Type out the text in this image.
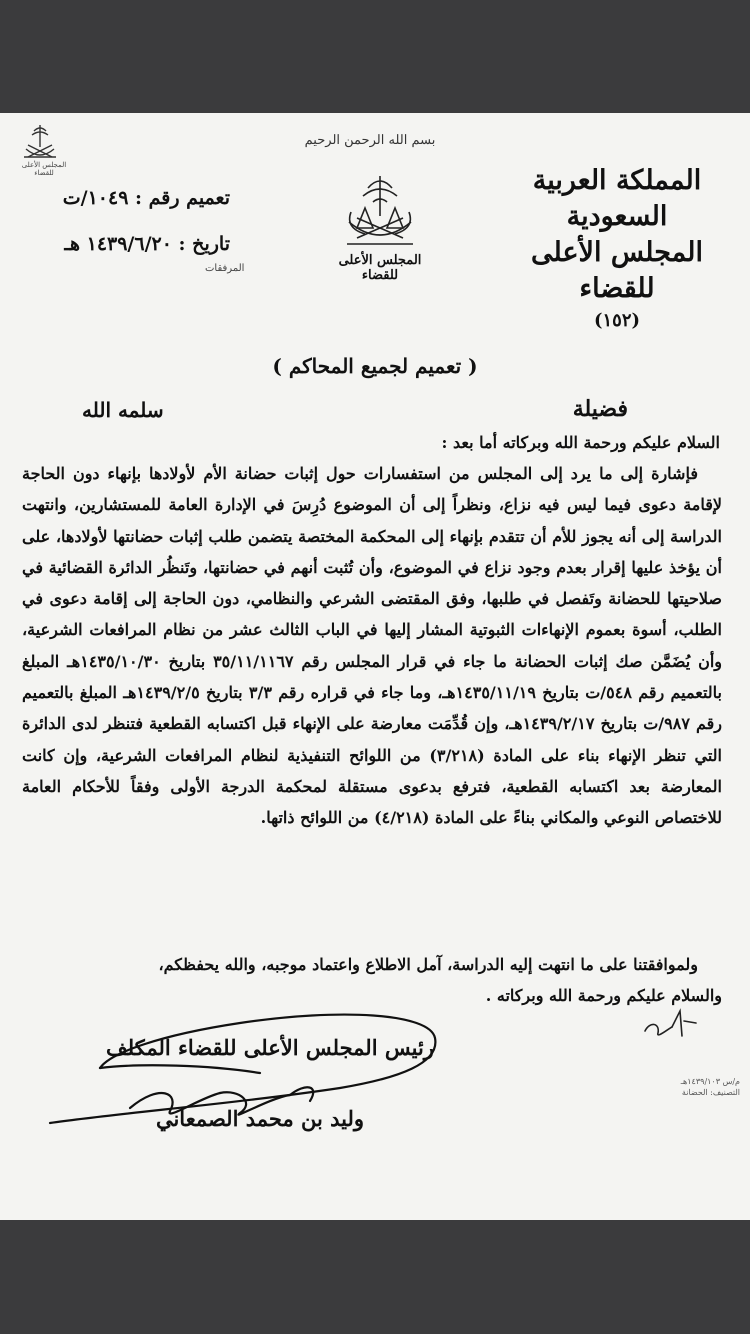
المجلس الأعلى للقضاء
بسم الله الرحمن الرحيم
المجلس الأعلى للقضاء
المملكة العربية السعودية
المجلس الأعلى للقضاء
(١٥٢)
تعميم رقم : ١٠٤٩/ت
تاريخ : ١٤٣٩/٦/٢٠ هـ
المرفقات
( تعميم لجميع المحاكم )
فضيلة
سلمه الله
السلام عليكم ورحمة الله وبركاته أما بعد :

فإشارة إلى ما يرد إلى المجلس من استفسارات حول إثبات حضانة الأم لأولادها بإنهاء دون الحاجة لإقامة دعوى فيما ليس فيه نزاع، ونظراً إلى أن الموضوع دُرِسَ في الإدارة العامة للمستشارين، وانتهت الدراسة إلى أنه يجوز للأم أن تتقدم بإنهاء إلى المحكمة المختصة يتضمن طلب إثبات حضانتها لأولادها، على أن يؤخذ عليها إقرار بعدم وجود نزاع في الموضوع، وأن تُثبت أنهم في حضانتها، وتَنظُر الدائرة القضائية في صلاحيتها للحضانة وتَفصل في طلبها، وفق المقتضى الشرعي والنظامي، دون الحاجة إلى إقامة دعوى في الطلب، أسوة بعموم الإنهاءات الثبوتية المشار إليها في الباب الثالث عشر من نظام المرافعات الشرعية، وأن يُضَمَّن صك إثبات الحضانة ما جاء في قرار المجلس رقم ٣٥/١١/١١٦٧ بتاريخ ١٤٣٥/١٠/٣٠هـ المبلغ بالتعميم رقم ٥٤٨/ت بتاريخ ١٤٣٥/١١/١٩هـ، وما جاء في قراره رقم ٣/٣ بتاريخ ١٤٣٩/٢/٥هـ المبلغ بالتعميم رقم ٩٨٧/ت بتاريخ ١٤٣٩/٢/١٧هـ، وإن قُدِّمَت معارضة على الإنهاء قبل اكتسابه القطعية فتنظر لدى الدائرة التي تنظر الإنهاء بناء على المادة (٣/٢١٨) من اللوائح التنفيذية لنظام المرافعات الشرعية، وإن كانت المعارضة بعد اكتسابه القطعية، فترفع بدعوى مستقلة لمحكمة الدرجة الأولى وفقاً للأحكام العامة للاختصاص النوعي والمكاني بناءً على المادة (٤/٢١٨) من اللوائح ذاتها.

ولموافقتنا على ما انتهت إليه الدراسة، آمل الاطلاع واعتماد موجبه، والله يحفظكم،
والسلام عليكم ورحمة الله وبركاته .
رئيس المجلس الأعلى للقضاء المكلف
وليد بن محمد الصمعاني
م/س ١٤٣٩/١٠٣هـ
التصنيف: الحضانة
